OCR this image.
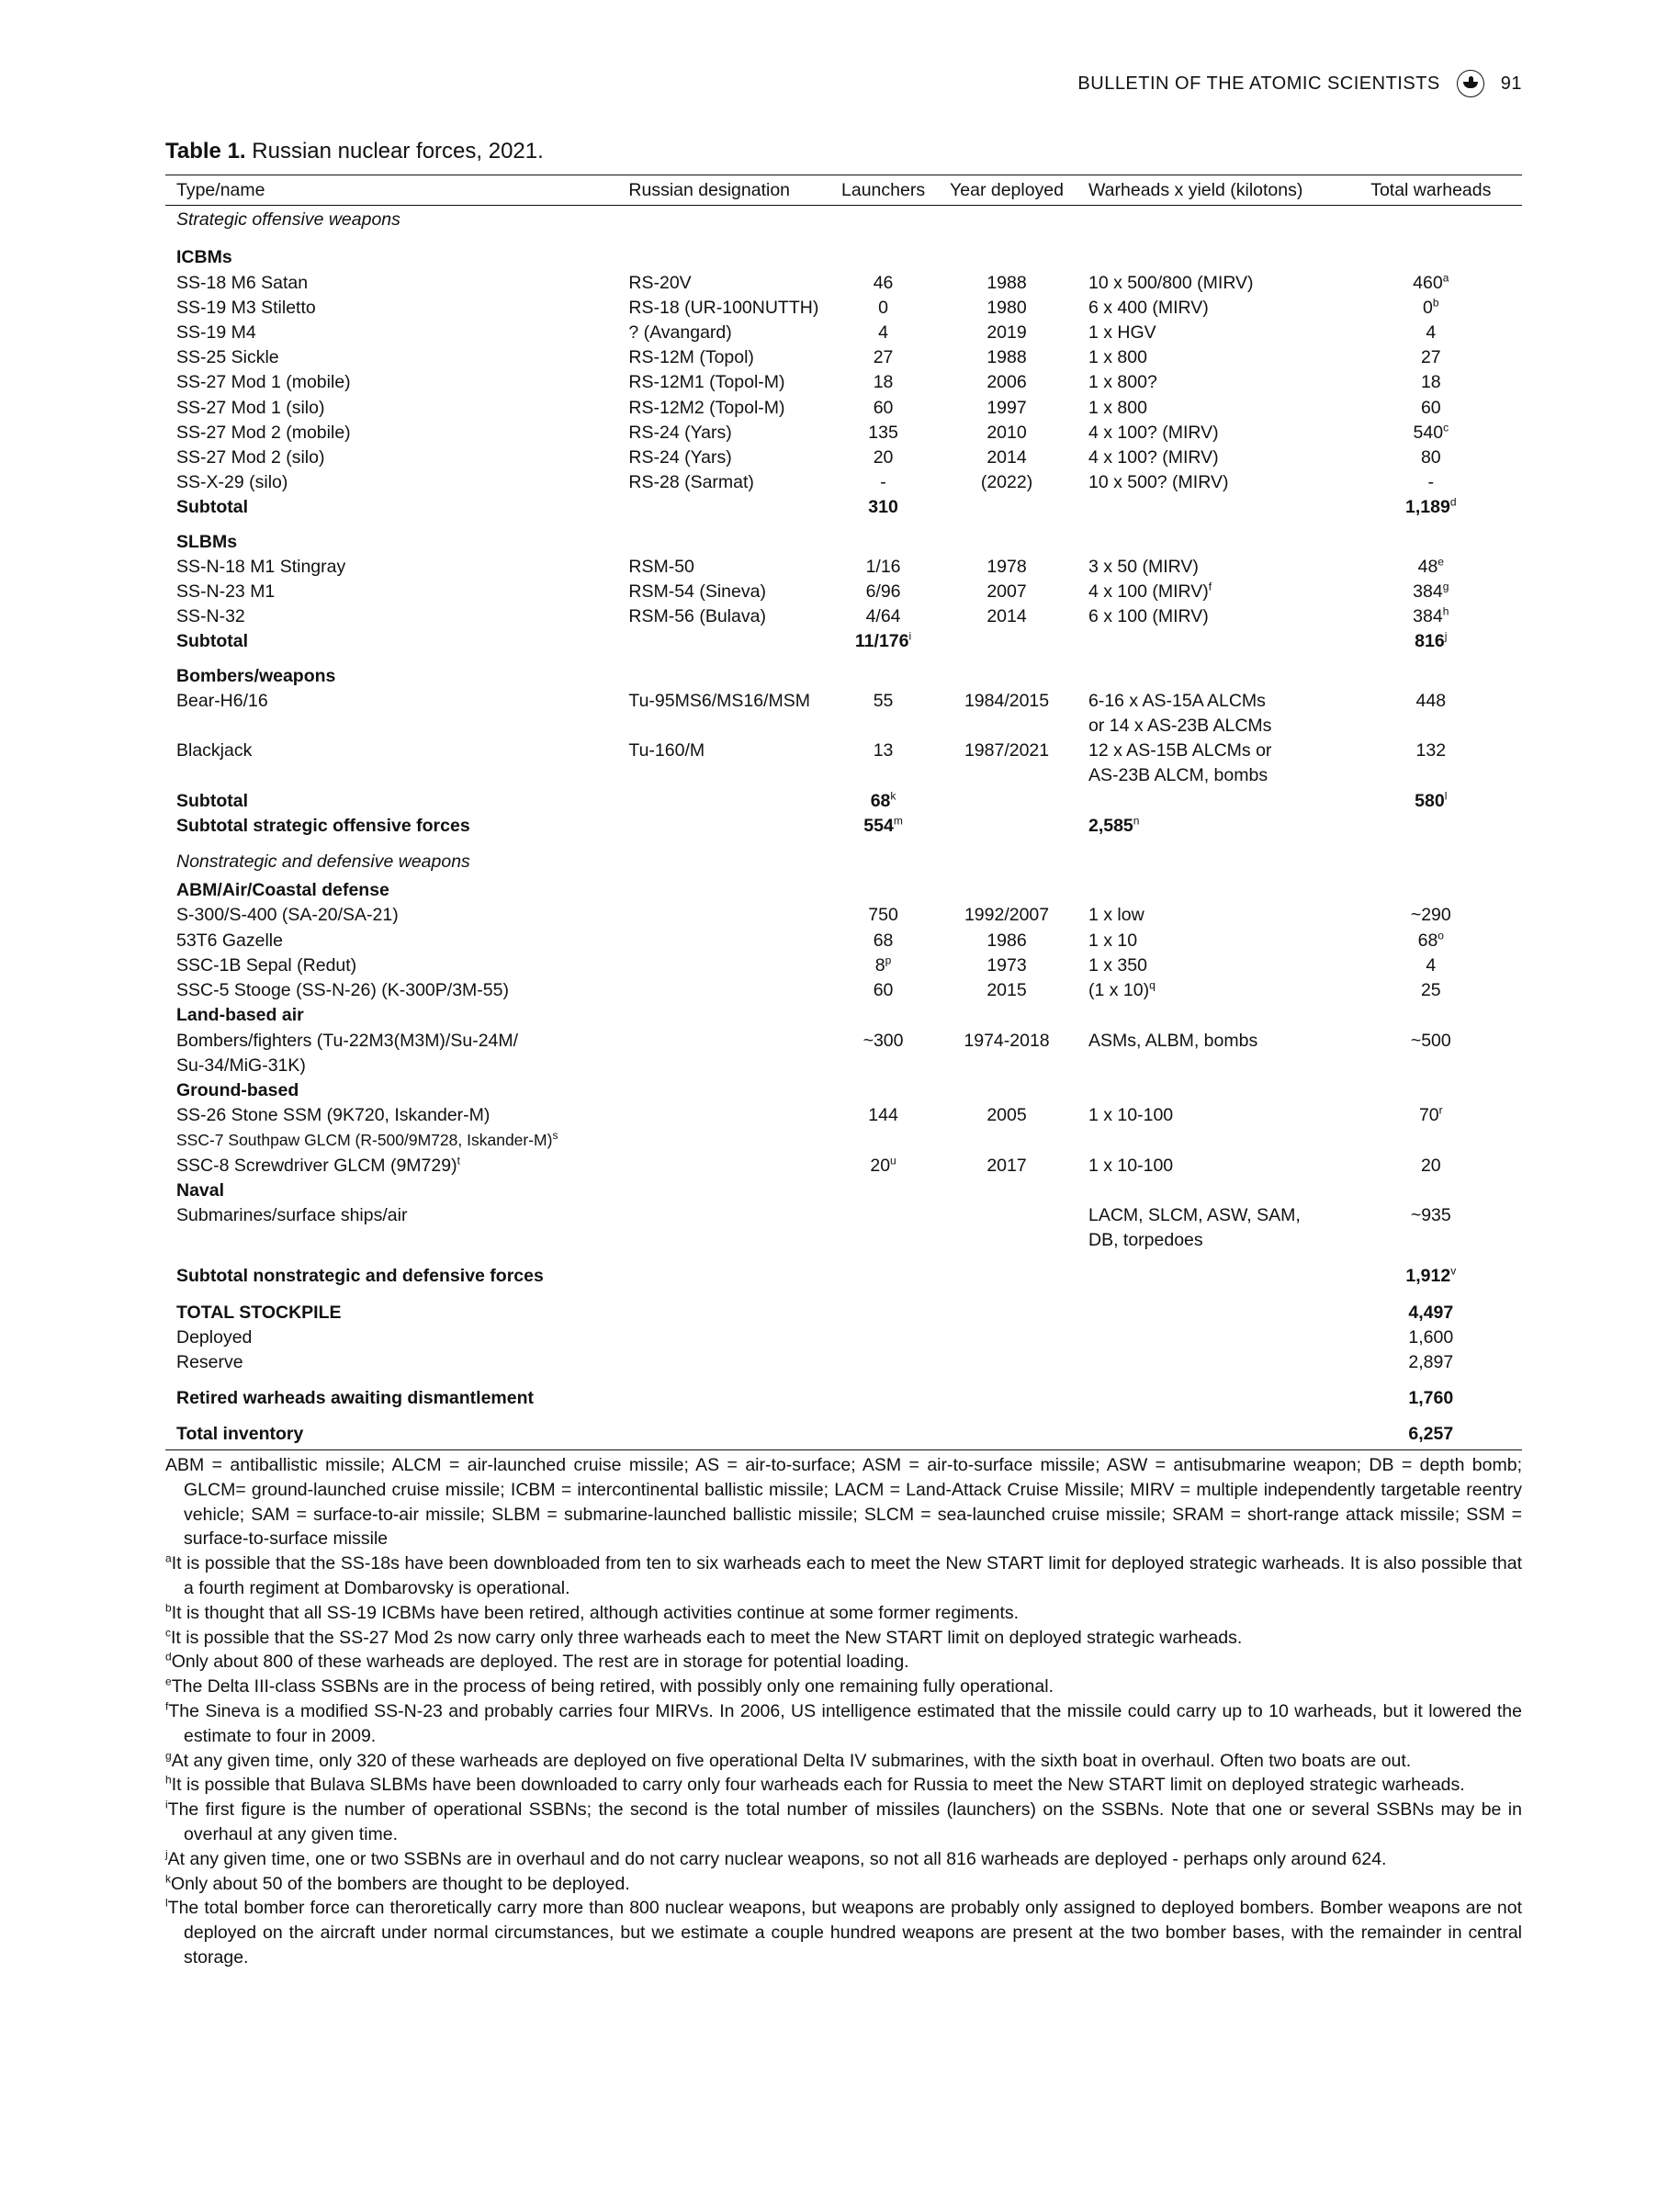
BULLETIN OF THE ATOMIC SCIENTISTS	91
Table 1. Russian nuclear forces, 2021.
Type/name	Russian designation	Launchers	Year deployed	Warheads x yield (kilotons)	Total warheads
Strategic offensive weapons					
ICBMs					
SS-18 M6 Satan	RS-20V	46	1988	10 x 500/800 (MIRV)	460$^a$
SS-19 M3 Stiletto	RS-18 (UR-100NUTTH)	0	1980	6 x 400 (MIRV)	0$^b$
SS-19 M4	? (Avangard)	4	2019	1 x HGV	4
SS-25 Sickle	RS-12M (Topol)	27	1988	1 x 800	27
SS-27 Mod 1 (mobile)	RS-12M1 (Topol-M)	18	2006	1 x 800?	18
SS-27 Mod 1 (silo)	RS-12M2 (Topol-M)	60	1997	1 x 800	60
SS-27 Mod 2 (mobile)	RS-24 (Yars)	135	2010	4 x 100? (MIRV)	540$^c$
SS-27 Mod 2 (silo)	RS-24 (Yars)	20	2014	4 x 100? (MIRV)	80
SS-X-29 (silo)	RS-28 (Sarmat)	-	(2022)	10 x 500? (MIRV)	-
Subtotal		310			1,189$^d$
SLBMs					
SS-N-18 M1 Stingray	RSM-50	1/16	1978	3 x 50 (MIRV)	48e
SS-N-23 M1	RSM-54 (Sineva)	6/96	2007	4 x 100 (MIRV)$^f$	384$^g$
SS-N-32	RSM-56 (Bulava)	4/64	2014	6 x 100 (MIRV)	384$^h$
Subtotal		11/176$^i$			816$^j$
Bombers/weapons					
Bear-H6/16	Tu-95MS6/MS16/MSM	55	1984/2015	6-16 x AS-15A ALCMs
or 14 x AS-23B ALCMs	448
Blackjack	Tu-160/M	13	1987/2021	12 x AS-15B ALCMs or
AS-23B ALCM, bombs	132
Subtotal		68$^k$			580$^l$
Subtotal strategic offensive forces		554$^m$		2,585$^n$	
Nonstrategic and defensive weapons					
ABM/Air/Coastal defense					
S-300/S-400 (SA-20/SA-21)		750	1992/2007	1 x low	~290
53T6 Gazelle		68	1986	1 x 10	68$^o$
SSC-1B Sepal (Redut)		8$^p$	1973	1 x 350	4
SSC-5 Stooge (SS-N-26) (K-300P/3M-55)		60	2015	(1 x 10)$^q$	25
Land-based air					

Bombers/fighters (Tu-22M3(M3M)/Su-24M/
Su-34/MiG-31K)		~300	1974-2018	ASMs, ALBM, bombs	~500
Ground-based					
SS-26 Stone SSM (9K720, Iskander-M)		144	2005	1 x 10-100	70$^r$
SSC-7 Southpaw GLCM (R-500/9M728, Iskander-M)$^s$				
SSC-8 Screwdriver GLCM $(9M729)^t$		20$^u$	2017	1 x 10-100	20
Naval					
Submarines/surface ships/air				LACM, SLCM, ASW, SAM,
DB, torpedoes	~935
Subtotal nonstrategic and defensive forces					1,912$^v$
TOTAL STOCKPILE					4,497
Deployed					1,600
Reserve					2,897
Retired warheads awaiting dismantlement					1,760
Total inventory					6,257
ABM = antiballistic missile; ALCM = air-launched cruise missile; AS = air-to-surface; ASM = air-to-surface missile; ASW = antisubmarine weapon; DB = depth bomb; GLCM= ground-launched cruise missile; ICBM = intercontinental ballistic missile; LACM = Land-Attack Cruise Missile; MIRV = multiple independently targetable reentry vehicle; SAM = surface-to-air missile; SLBM = submarine-launched ballistic missile; SLCM = sea-launched cruise missile; SRAM = short-range attack missile; SSM = surface-to-surface missile
$^a$It is possible that the SS-18s have been downbloaded from ten to six warheads each to meet the New START limit for deployed strategic warheads. It is also possible that a fourth regiment at Dombarovsky is operational.
$^b$It is thought that all SS-19 ICBMs have been retired, although activities continue at some former regiments.
$^c$It is possible that the SS-27 Mod 2s now carry only three warheads each to meet the New START limit on deployed strategic warheads.
$^d$Only about 800 of these warheads are deployed. The rest are in storage for potential loading.
$^e$The Delta III-class SSBNs are in the process of being retired, with possibly only one remaining fully operational.
$^f$The Sineva is a modified SS-N-23 and probably carries four MIRVs. In 2006, US intelligence estimated that the missile could carry up to 10 warheads, but it lowered the estimate to four in 2009.
$^g$At any given time, only 320 of these warheads are deployed on five operational Delta IV submarines, with the sixth boat in overhaul. Often two boats are out.
$^h$It is possible that Bulava SLBMs have been downloaded to carry only four warheads each for Russia to meet the New START limit on deployed strategic warheads.
$^i$The first figure is the number of operational SSBNs; the second is the total number of missiles (launchers) on the SSBNs. Note that one or several SSBNs may be in overhaul at any given time.
$^j$At any given time, one or two SSBNs are in overhaul and do not carry nuclear weapons, so not all 816 warheads are deployed - perhaps only around 624.
$^k$Only about 50 of the bombers are thought to be deployed.
$^l$The total bomber force can theroretically carry more than 800 nuclear weapons, but weapons are probably only assigned to deployed bombers. Bomber weapons are not deployed on the aircraft under normal circumstances, but we estimate a couple hundred weapons are present at the two bomber bases, with the remainder in central storage.
